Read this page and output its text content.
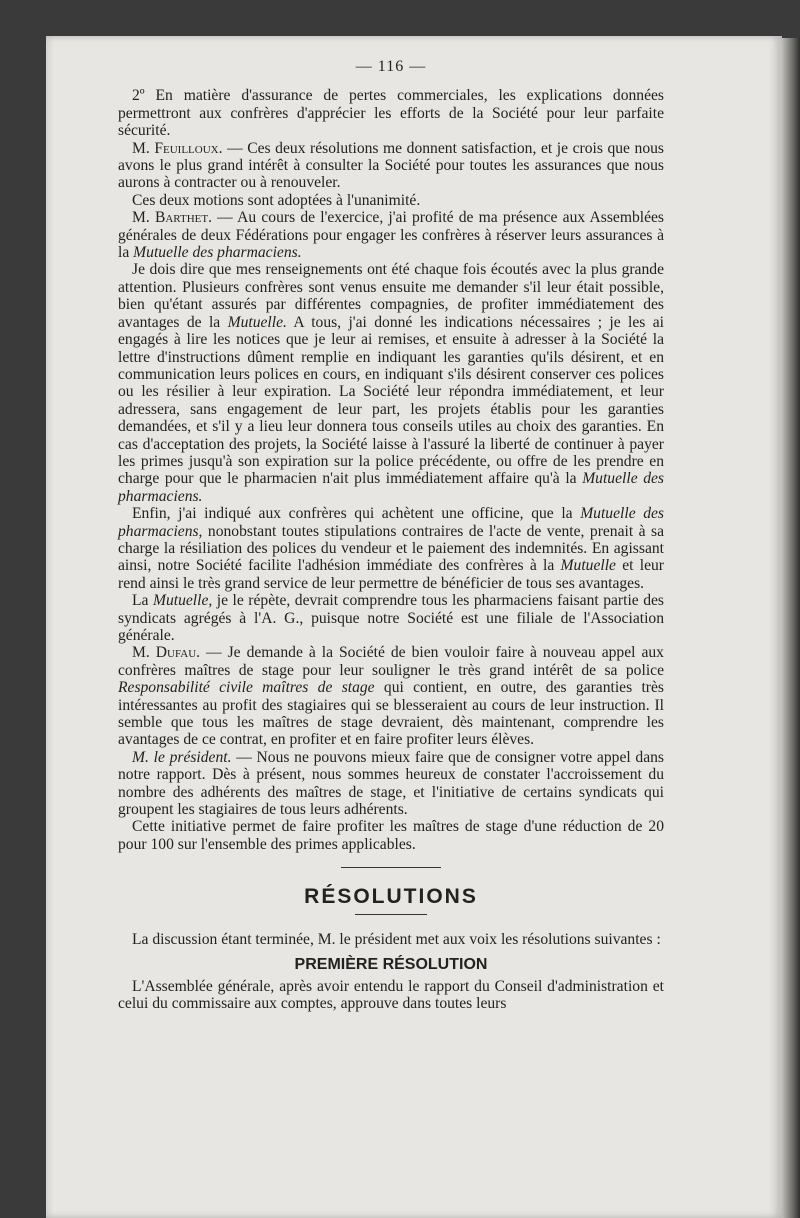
— 116 —

2º En matière d'assurance de pertes commerciales, les explications données permettront aux confrères d'apprécier les efforts de la Société pour leur parfaite sécurité.

M. Feuilloux. — Ces deux résolutions me donnent satisfaction, et je crois que nous avons le plus grand intérêt à consulter la Société pour toutes les assurances que nous aurons à contracter ou à renouveler.

Ces deux motions sont adoptées à l'unanimité.

M. Barthet. — Au cours de l'exercice, j'ai profité de ma présence aux Assemblées générales de deux Fédérations pour engager les confrères à réserver leurs assurances à la Mutuelle des pharmaciens.

Je dois dire que mes renseignements ont été chaque fois écoutés avec la plus grande attention. Plusieurs confrères sont venus ensuite me demander s'il leur était possible, bien qu'étant assurés par différentes compagnies, de profiter immédiatement des avantages de la Mutuelle. A tous, j'ai donné les indications nécessaires ; je les ai engagés à lire les notices que je leur ai remises, et ensuite à adresser à la Société la lettre d'instructions dûment remplie en indiquant les garanties qu'ils désirent, et en communication leurs polices en cours, en indiquant s'ils désirent conserver ces polices ou les résilier à leur expiration. La Société leur répondra immédiatement, et leur adressera, sans engagement de leur part, les projets établis pour les garanties demandées, et s'il y a lieu leur donnera tous conseils utiles au choix des garanties. En cas d'acceptation des projets, la Société laisse à l'assuré la liberté de continuer à payer les primes jusqu'à son expiration sur la police précédente, ou offre de les prendre en charge pour que le pharmacien n'ait plus immédiatement affaire qu'à la Mutuelle des pharmaciens.

Enfin, j'ai indiqué aux confrères qui achètent une officine, que la Mutuelle des pharmaciens, nonobstant toutes stipulations contraires de l'acte de vente, prenait à sa charge la résiliation des polices du vendeur et le paiement des indemnités. En agissant ainsi, notre Société facilite l'adhésion immédiate des confrères à la Mutuelle et leur rend ainsi le très grand service de leur permettre de bénéficier de tous ses avantages.

La Mutuelle, je le répète, devrait comprendre tous les pharmaciens faisant partie des syndicats agrégés à l'A. G., puisque notre Société est une filiale de l'Association générale.

M. Dufau. — Je demande à la Société de bien vouloir faire à nouveau appel aux confrères maîtres de stage pour leur souligner le très grand intérêt de sa police Responsabilité civile maîtres de stage qui contient, en outre, des garanties très intéressantes au profit des stagiaires qui se blesseraient au cours de leur instruction. Il semble que tous les maîtres de stage devraient, dès maintenant, comprendre les avantages de ce contrat, en profiter et en faire profiter leurs élèves.

M. le président. — Nous ne pouvons mieux faire que de consigner votre appel dans notre rapport. Dès à présent, nous sommes heureux de constater l'accroissement du nombre des adhérents des maîtres de stage, et l'initiative de certains syndicats qui groupent les stagiaires de tous leurs adhérents.

Cette initiative permet de faire profiter les maîtres de stage d'une réduction de 20 pour 100 sur l'ensemble des primes applicables.

RÉSOLUTIONS

La discussion étant terminée, M. le président met aux voix les résolutions suivantes :

PREMIÈRE RÉSOLUTION

L'Assemblée générale, après avoir entendu le rapport du Conseil d'administration et celui du commissaire aux comptes, approuve dans toutes leurs
